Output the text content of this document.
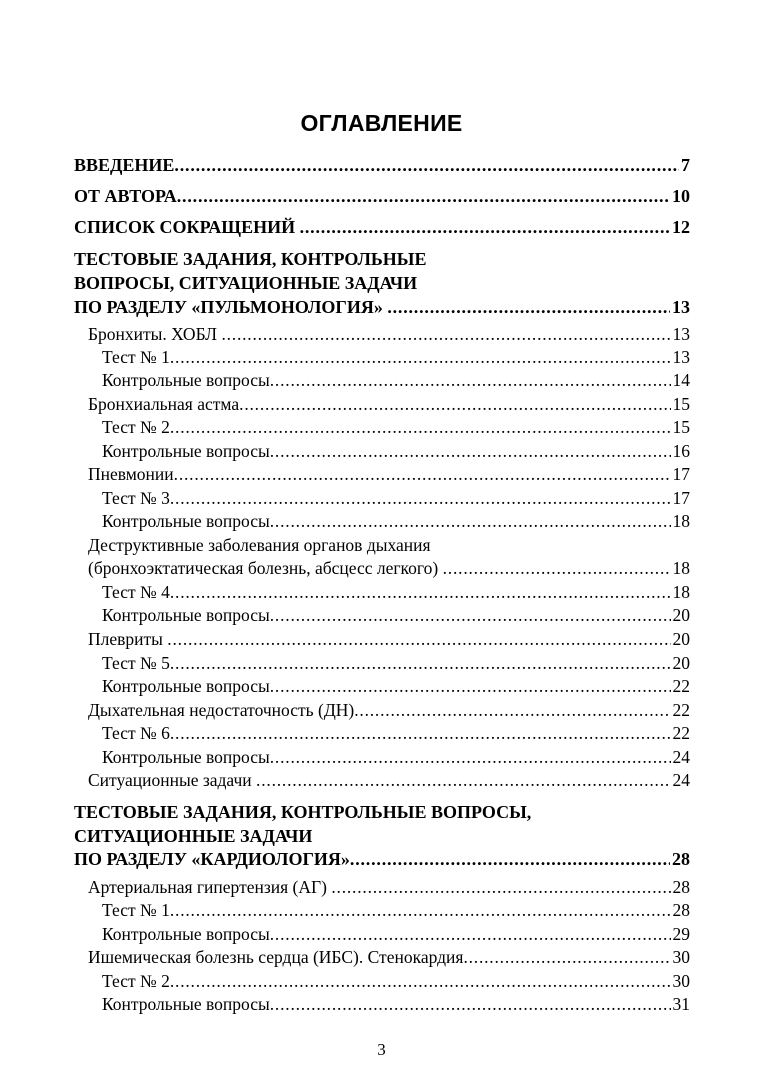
ОГЛАВЛЕНИЕ
ВВЕДЕНИЕ .....	7
ОТ АВТОРА .....	10
СПИСОК СОКРАЩЕНИЙ .....	12
ТЕСТОВЫЕ ЗАДАНИЯ, КОНТРОЛЬНЫЕ
ВОПРОСЫ, СИТУАЦИОННЫЕ ЗАДАЧИ
ПО РАЗДЕЛУ «ПУЛЬМОНОЛОГИЯ» .....	13
Бронхиты. ХОБЛ .....	13
Тест № 1 .....	13
Контрольные вопросы .....	14
Бронхиальная астма .....	15
Тест № 2 .....	15
Контрольные вопросы .....	16
Пневмонии .....	17
Тест № 3 .....	17
Контрольные вопросы .....	18
Деструктивные заболевания органов дыхания
(бронхоэктатическая болезнь, абсцесс легкого) .....	18
Тест № 4 .....	18
Контрольные вопросы .....	20
Плевриты .....	20
Тест № 5 .....	20
Контрольные вопросы .....	22
Дыхательная недостаточность (ДН) .....	22
Тест № 6 .....	22
Контрольные вопросы .....	24
Ситуационные задачи .....	24
ТЕСТОВЫЕ ЗАДАНИЯ, КОНТРОЛЬНЫЕ ВОПРОСЫ,
СИТУАЦИОННЫЕ ЗАДАЧИ
ПО РАЗДЕЛУ «КАРДИОЛОГИЯ» .....	28
Артериальная гипертензия (АГ) .....	28
Тест № 1 .....	28
Контрольные вопросы .....	29
Ишемическая болезнь сердца (ИБС). Стенокардия .....	30
Тест № 2 .....	30
Контрольные вопросы .....	31
3
